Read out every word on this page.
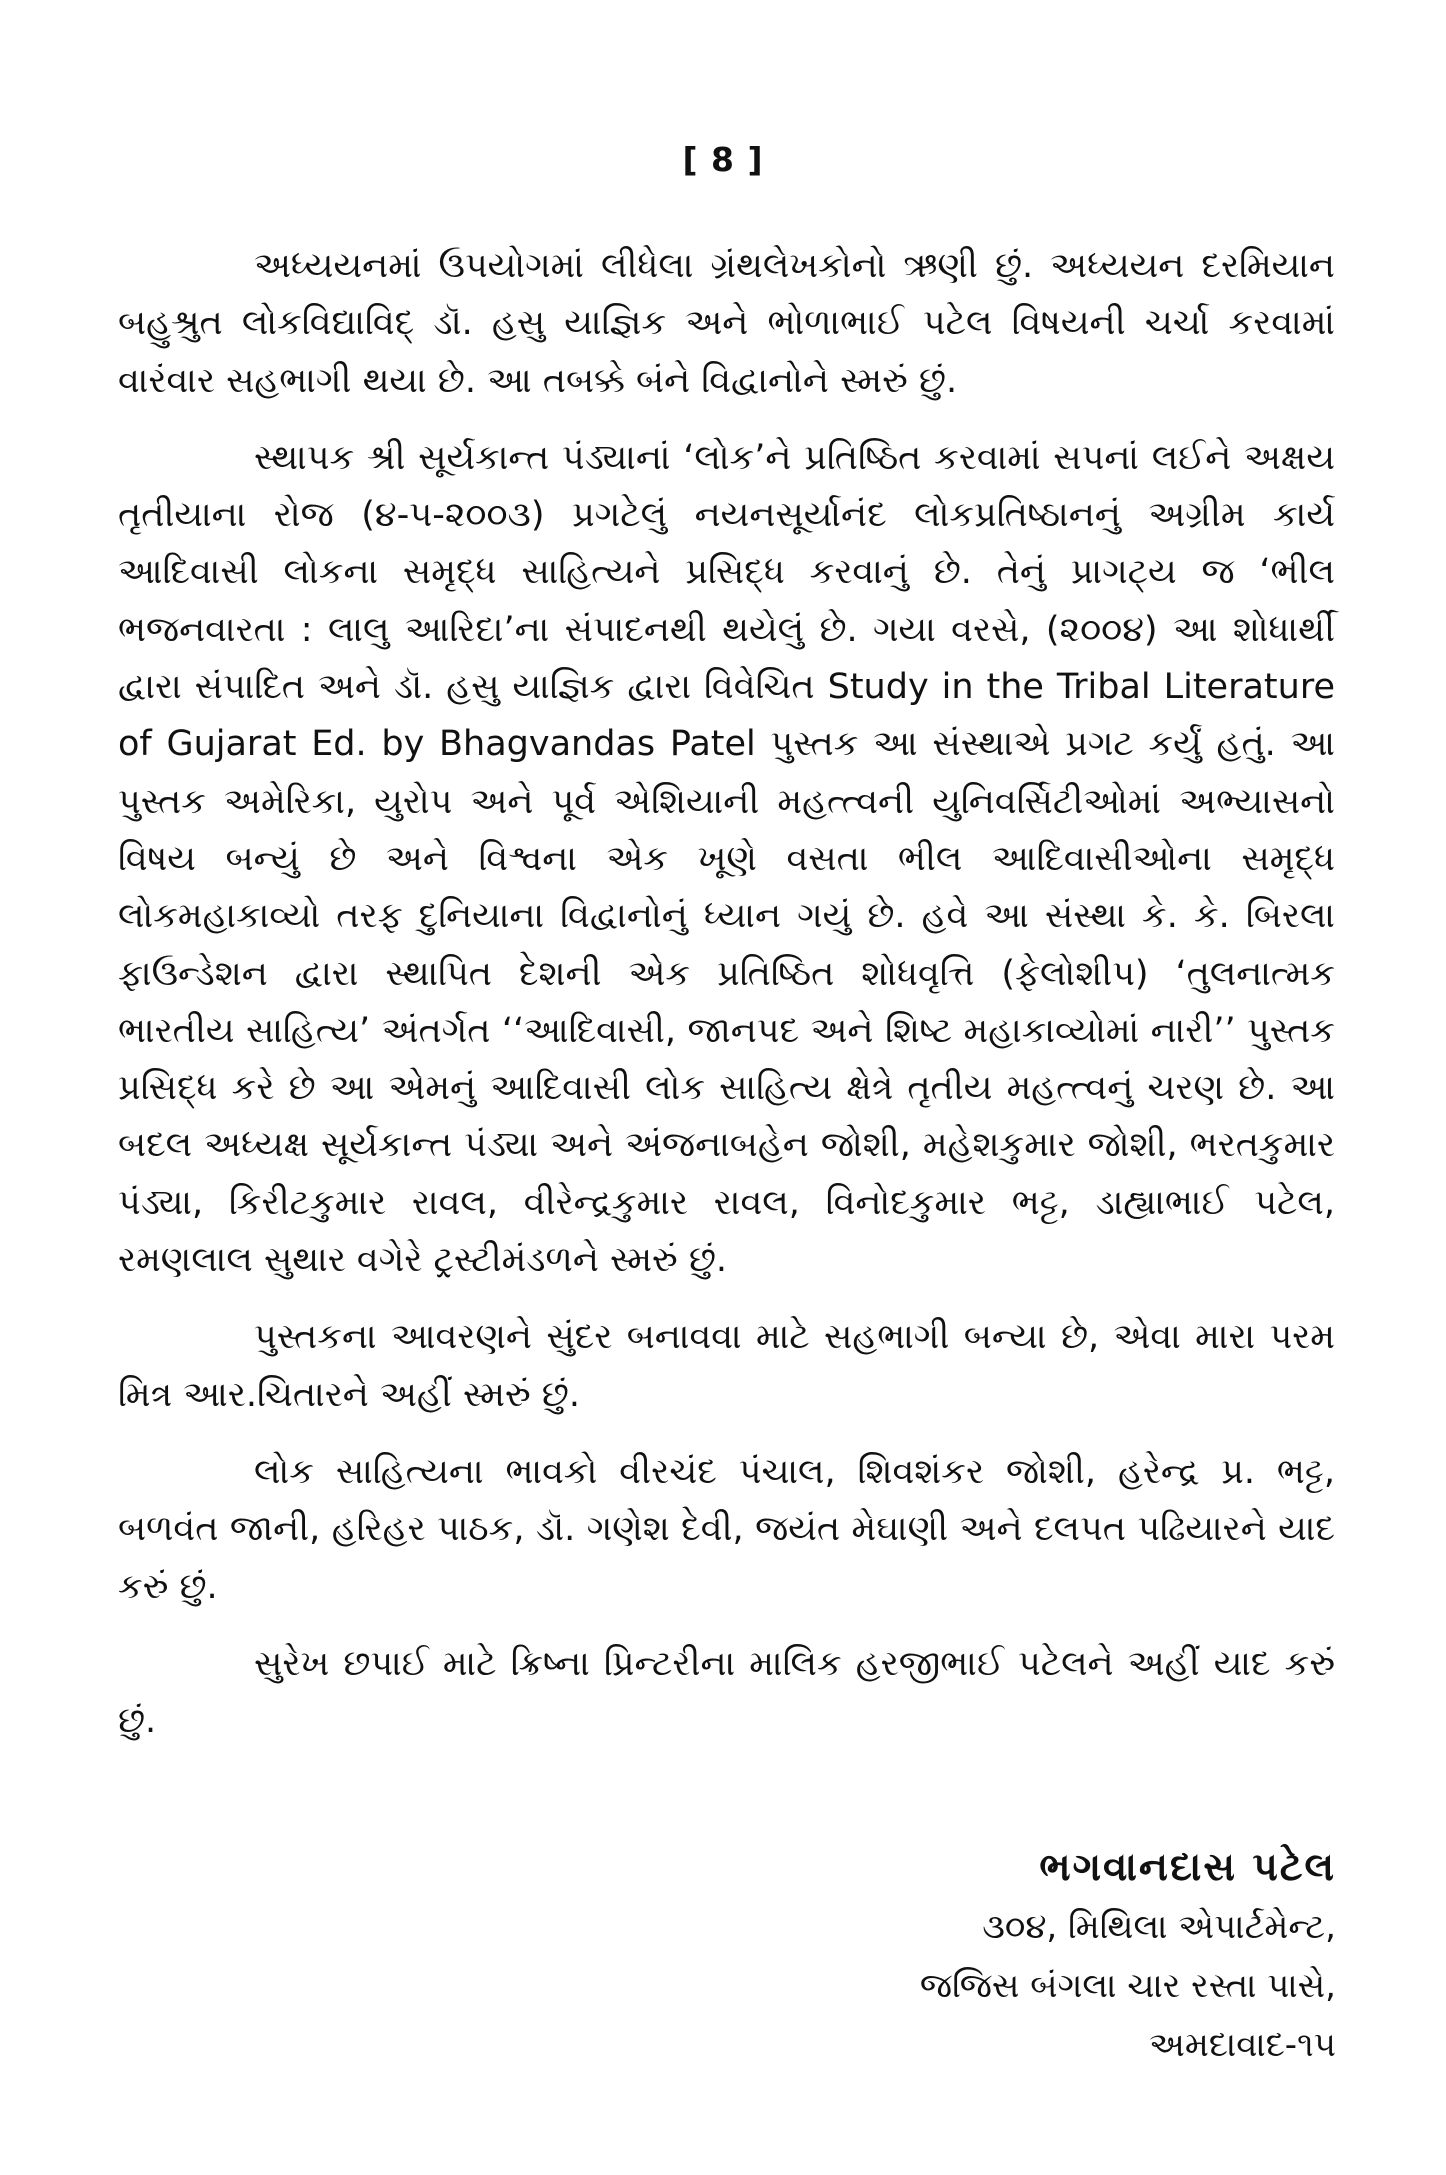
[ 8 ]

અધ્યયનમાં ઉપયોગમાં લીધેલા ગ્રંથલેખકોનો ઋણી છું. અધ્યયન દરમિયાન બહુશ્રુત લોકવિદ્યાવિદ્ ડૉ. હસુ યાજ્ઞિક અને ભોળાભાઈ પટેલ વિષયની ચર્ચા કરવામાં વારંવાર સહભાગી થયા છે. આ તબક્કે બંને વિદ્વાનોને સ્મરું છું.

સ્થાપક શ્રી સૂર્યકાન્ત પંડ્યાનાં ‘લોક’ને પ્રતિષ્ઠિત કરવામાં સપનાં લઈને અક્ષય તૃતીયાના રોજ (૪-૫-૨૦૦૩) પ્રગટેલું નયનસૂર્યાનંદ લોકપ્રતિષ્ઠાનનું અગ્રીમ કાર્ય આદિવાસી લોકના સમૃદ્ધ સાહિત્યને પ્રસિદ્ધ કરવાનું છે. તેનું પ્રાગટ્ય જ ‘ભીલ ભજનવારતા : લાલુ આરિદા’ના સંપાદનથી થયેલું છે. ગયા વરસે, (૨૦૦૪) આ શોધાર્થી દ્વારા સંપાદિત અને ડૉ. હસુ યાજ્ઞિક દ્વારા વિવેચિત Study in the Tribal Literature of Gujarat Ed. by Bhagvandas Patel પુસ્તક આ સંસ્થાએ પ્રગટ કર્યું હતું. આ પુસ્તક અમેરિકા, યુરોપ અને પૂર્વ એશિયાની મહત્ત્વની યુનિવર્સિટીઓમાં અભ્યાસનો વિષય બન્યું છે અને વિશ્વના એક ખૂણે વસતા ભીલ આદિવાસીઓના સમૃદ્ધ લોકમહાકાવ્યો તરફ દુનિયાના વિદ્વાનોનું ધ્યાન ગયું છે. હવે આ સંસ્થા કે. કે. બિરલા ફાઉન્ડેશન દ્વારા સ્થાપિત દેશની એક પ્રતિષ્ઠિત શોધવૃત્તિ (ફેલોશીપ) ‘તુલનાત્મક ભારતીય સાહિત્ય’ અંતર્ગત ‘‘આદિવાસી, જાનપદ અને શિષ્ટ મહાકાવ્યોમાં નારી’’ પુસ્તક પ્રસિદ્ધ કરે છે આ એમનું આદિવાસી લોક સાહિત્ય ક્ષેત્રે તૃતીય મહત્ત્વનું ચરણ છે. આ બદલ અધ્યક્ષ સૂર્યકાન્ત પંડ્યા અને અંજનાબહેન જોશી, મહેશકુમાર જોશી, ભરતકુમાર પંડ્યા, કિરીટકુમાર રાવલ, વીરેન્દ્રકુમાર રાવલ, વિનોદકુમાર ભટ્ટ, ડાહ્યાભાઈ પટેલ, રમણલાલ સુથાર વગેરે ટ્રસ્ટીમંડળને સ્મરું છું.

પુસ્તકના આવરણને સુંદર બનાવવા માટે સહભાગી બન્યા છે, એવા મારા પરમ મિત્ર આર.ચિતારને અહીં સ્મરું છું.

લોક સાહિત્યના ભાવકો વીરચંદ પંચાલ, શિવશંકર જોશી, હરેન્દ્ર પ્ર. ભટ્ટ, બળવંત જાની, હરિહર પાઠક, ડૉ. ગણેશ દેવી, જયંત મેઘાણી અને દલપત પઢિયારને યાદ કરું છું.

સુરેખ છપાઈ માટે ક્રિષ્ના પ્રિન્ટરીના માલિક હરજીભાઈ પટેલને અહીં યાદ કરું છું.

ભગવાનદાસ પટેલ
૩૦૪, મિથિલા એપાર્ટમેન્ટ,
જજિસ બંગલા ચાર રસ્તા પાસે,
અમદાવાદ-૧૫
